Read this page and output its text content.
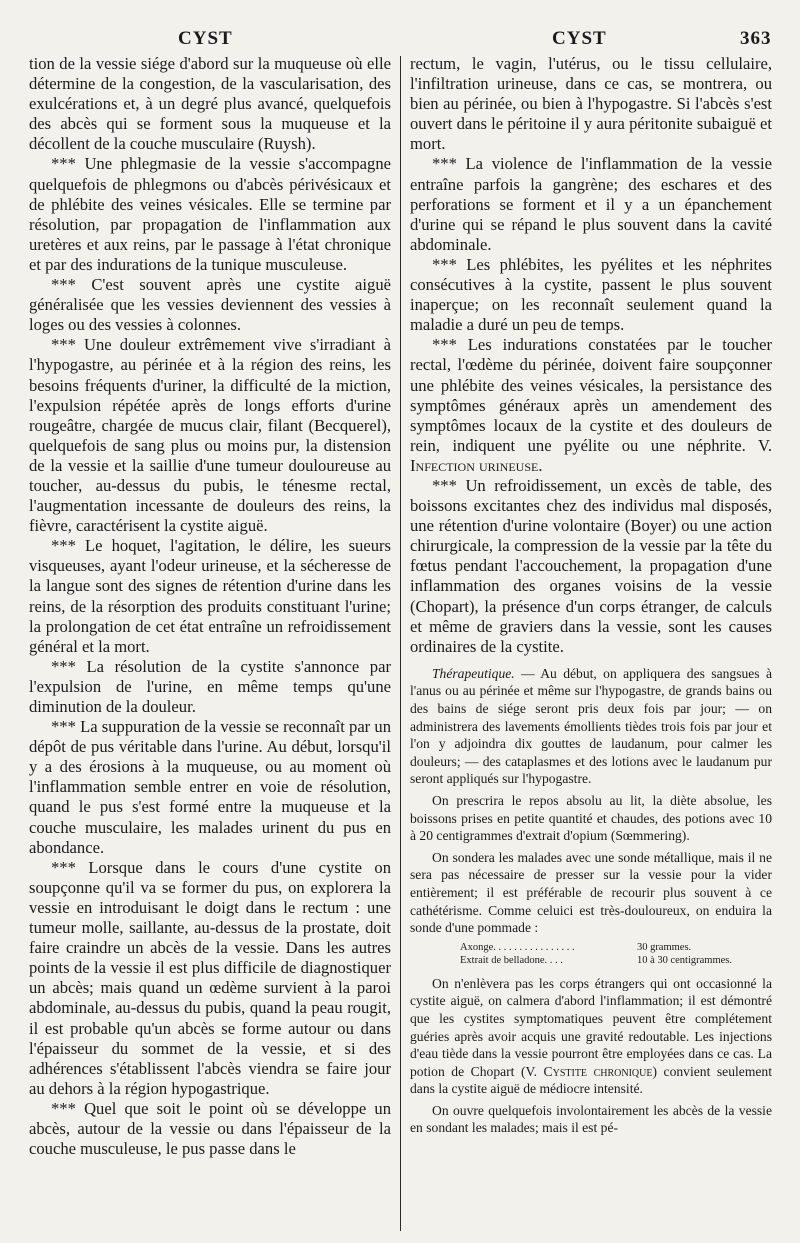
CYST	CYST	363

tion de la vessie siége d'abord sur la muqueuse où elle détermine de la congestion, de la vascularisation, des exulcérations et, à un degré plus avancé, quelquefois des abcès qui se forment sous la muqueuse et la décollent de la couche musculaire (Ruysh).

*** Une phlegmasie de la vessie s'accompagne quelquefois de phlegmons ou d'abcès périvésicaux et de phlébite des veines vésicales. Elle se termine par résolution, par propagation de l'inflammation aux uretères et aux reins, par le passage à l'état chronique et par des indurations de la tunique musculeuse.

*** C'est souvent après une cystite aiguë généralisée que les vessies deviennent des vessies à loges ou des vessies à colonnes.

*** Une douleur extrêmement vive s'irradiant à l'hypogastre, au périnée et à la région des reins, les besoins fréquents d'uriner, la difficulté de la miction, l'expulsion répétée après de longs efforts d'urine rougeâtre, chargée de mucus clair, filant (Becquerel), quelquefois de sang plus ou moins pur, la distension de la vessie et la saillie d'une tumeur douloureuse au toucher, au-dessus du pubis, le ténesme rectal, l'augmentation incessante de douleurs des reins, la fièvre, caractérisent la cystite aiguë.

*** Le hoquet, l'agitation, le délire, les sueurs visqueuses, ayant l'odeur urineuse, et la sécheresse de la langue sont des signes de rétention d'urine dans les reins, de la résorption des produits constituant l'urine; la prolongation de cet état entraîne un refroidissement général et la mort.

*** La résolution de la cystite s'annonce par l'expulsion de l'urine, en même temps qu'une diminution de la douleur.

*** La suppuration de la vessie se reconnaît par un dépôt de pus véritable dans l'urine. Au début, lorsqu'il y a des érosions à la muqueuse, ou au moment où l'inflammation semble entrer en voie de résolution, quand le pus s'est formé entre la muqueuse et la couche musculaire, les malades urinent du pus en abondance.

*** Lorsque dans le cours d'une cystite on soupçonne qu'il va se former du pus, on explorera la vessie en introduisant le doigt dans le rectum : une tumeur molle, saillante, au-dessus de la prostate, doit faire craindre un abcès de la vessie. Dans les autres points de la vessie il est plus difficile de diagnostiquer un abcès; mais quand un œdème survient à la paroi abdominale, au-dessus du pubis, quand la peau rougit, il est probable qu'un abcès se forme autour ou dans l'épaisseur du sommet de la vessie, et si des adhérences s'établissent l'abcès viendra se faire jour au dehors à la région hypogastrique.

*** Quel que soit le point où se développe un abcès, autour de la vessie ou dans l'épaisseur de la couche musculeuse, le pus passe dans le

rectum, le vagin, l'utérus, ou le tissu cellulaire, l'infiltration urineuse, dans ce cas, se montrera, ou bien au périnée, ou bien à l'hypogastre. Si l'abcès s'est ouvert dans le péritoine il y aura péritonite subaiguë et mort.

*** La violence de l'inflammation de la vessie entraîne parfois la gangrène; des eschares et des perforations se forment et il y a un épanchement d'urine qui se répand le plus souvent dans la cavité abdominale.

*** Les phlébites, les pyélites et les néphrites consécutives à la cystite, passent le plus souvent inaperçue; on les reconnaît seulement quand la maladie a duré un peu de temps.

*** Les indurations constatées par le toucher rectal, l'œdème du périnée, doivent faire soupçonner une phlébite des veines vésicales, la persistance des symptômes généraux après un amendement des symptômes locaux de la cystite et des douleurs de rein, indiquent une pyélite ou une néphrite. V. Infection urineuse.

*** Un refroidissement, un excès de table, des boissons excitantes chez des individus mal disposés, une rétention d'urine volontaire (Boyer) ou une action chirurgicale, la compression de la vessie par la tête du fœtus pendant l'accouchement, la propagation d'une inflammation des organes voisins de la vessie (Chopart), la présence d'un corps étranger, de calculs et même de graviers dans la vessie, sont les causes ordinaires de la cystite.

Thérapeutique. — Au début, on appliquera des sangsues à l'anus ou au périnée et même sur l'hypogastre, de grands bains ou des bains de siége seront pris deux fois par jour; — on administrera des lavements émollients tièdes trois fois par jour et l'on y adjoindra dix gouttes de laudanum, pour calmer les douleurs; — des cataplasmes et des lotions avec le laudanum pur seront appliqués sur l'hypogastre.

On prescrira le repos absolu au lit, la diète absolue, les boissons prises en petite quantité et chaudes, des potions avec 10 à 20 centigrammes d'extrait d'opium (Sœmmering).

On sondera les malades avec une sonde métallique, mais il ne sera pas nécessaire de presser sur la vessie pour la vider entièrement; il est préférable de recourir plus souvent à ce cathétérisme. Comme celuici est très-douloureux, on enduira la sonde d'une pommade :

Axonge. . . . . . . . . . . . . . . .	30 grammes.
Extrait de belladone. . . .	10 à 30 centigrammes.

On n'enlèvera pas les corps étrangers qui ont occasionné la cystite aiguë, on calmera d'abord l'inflammation; il est démontré que les cystites symptomatiques peuvent être complétement guéries après avoir acquis une gravité redoutable. Les injections d'eau tiède dans la vessie pourront être employées dans ce cas. La potion de Chopart (V. Cystite chronique) convient seulement dans la cystite aiguë de médiocre intensité.

On ouvre quelquefois involontairement les abcès de la vessie en sondant les malades; mais il est pé-
